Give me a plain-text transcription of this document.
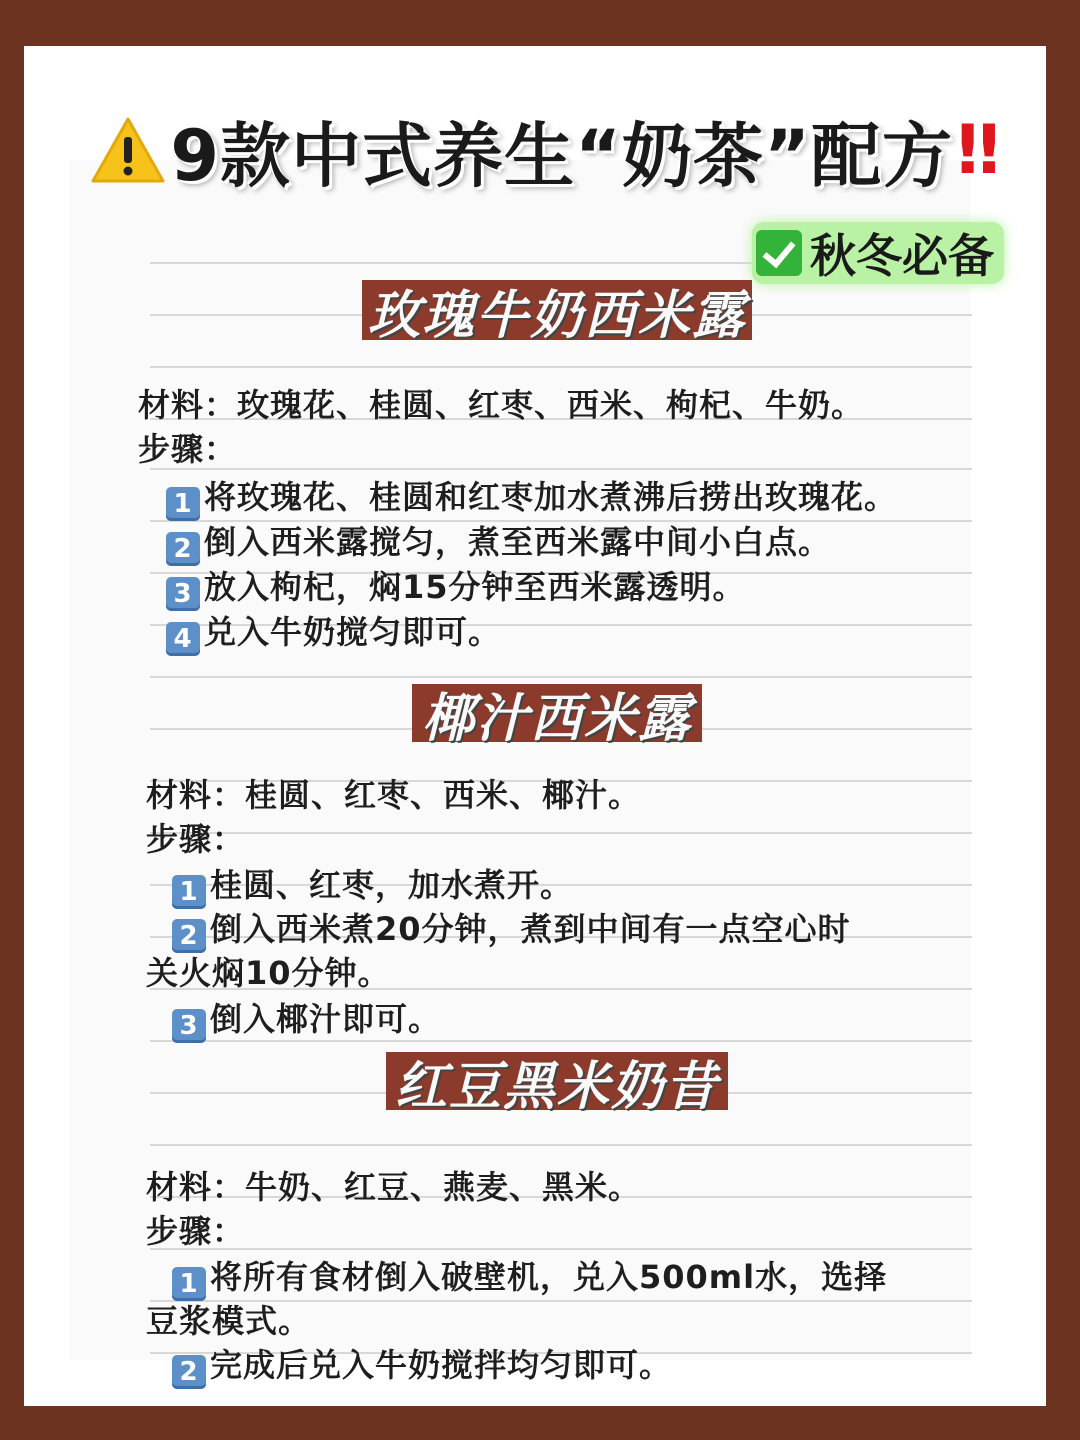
9款中式养生“奶茶”配方 ‼
秋冬必备
玫瑰牛奶西米露
材料：玫瑰花、桂圆、红枣、西米、枸杞、牛奶。
步骤：
1 将玫瑰花、桂圆和红枣加水煮沸后捞出玫瑰花。
2 倒入西米露搅匀，煮至西米露中间小白点。
3 放入枸杞，焖15分钟至西米露透明。
4 兑入牛奶搅匀即可。
椰汁西米露
材料：桂圆、红枣、西米、椰汁。
步骤：
1 桂圆、红枣，加水煮开。
2 倒入西米煮20分钟，煮到中间有一点空心时
关火焖10分钟。
3 倒入椰汁即可。
红豆黑米奶昔
材料：牛奶、红豆、燕麦、黑米。
步骤：
1 将所有食材倒入破壁机，兑入500ml水，选择
豆浆模式。
2 完成后兑入牛奶搅拌均匀即可。
